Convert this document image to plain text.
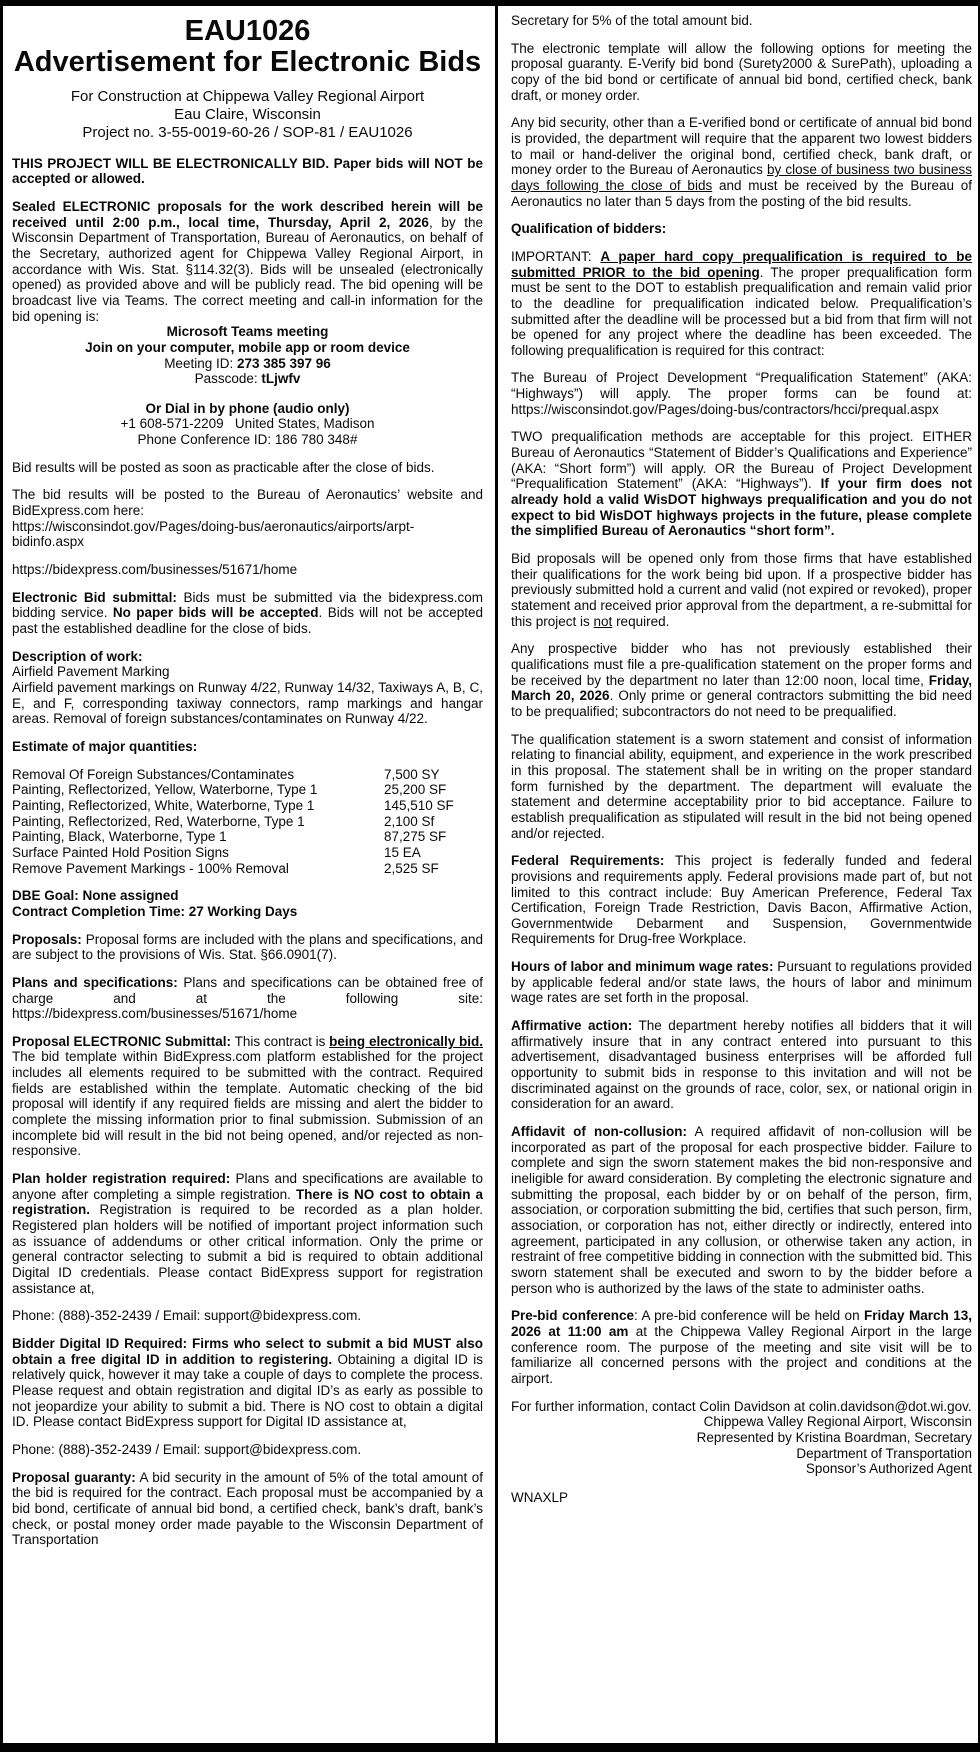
EAU1026
Advertisement for Electronic Bids

For Construction at Chippewa Valley Regional Airport

Eau Claire, Wisconsin

Project no. 3-55-0019-60-26 / SOP-81 / EAU1026

THIS PROJECT WILL BE ELECTRONICALLY BID. Paper bids will NOT be accepted or allowed.

Sealed ELECTRONIC proposals for the work described herein will be received until 2:00 p.m., local time, Thursday, April 2, 2026, by the Wisconsin Department of Transportation, Bureau of Aeronautics, on behalf of the Secretary, authorized agent for Chippewa Valley Regional Airport, in accordance with Wis. Stat. §114.32(3). Bids will be unsealed (electronically opened) as provided above and will be publicly read. The bid opening will be broadcast live via Teams. The correct meeting and call-in information for the bid opening is:

Microsoft Teams meeting
Join on your computer, mobile app or room device
Meeting ID: 273 385 397 96
Passcode: tLjwfv
Or Dial in by phone (audio only)
+1 608-571-2209   United States, Madison
Phone Conference ID: 186 780 348#

Bid results will be posted as soon as practicable after the close of bids.

The bid results will be posted to the Bureau of Aeronautics’ website and BidExpress.com here:

https://wisconsindot.gov/Pages/doing-bus/aeronautics/airports/arpt-bidinfo.aspx

https://bidexpress.com/businesses/51671/home

Electronic Bid submittal: Bids must be submitted via the bidexpress.com bidding service. No paper bids will be accepted. Bids will not be accepted past the established deadline for the close of bids.

Description of work:

Airfield Pavement Marking

Airfield pavement markings on Runway 4/22, Runway 14/32, Taxiways A, B, C, E, and F, corresponding taxiway connectors, ramp markings and hangar areas. Removal of foreign substances/contaminates on Runway 4/22.

Estimate of major quantities:

Removal Of Foreign Substances/Contaminates	7,500 SY
Painting, Reflectorized, Yellow, Waterborne, Type 1	25,200 SF
Painting, Reflectorized, White, Waterborne, Type 1	145,510 SF
Painting, Reflectorized, Red, Waterborne, Type 1	2,100 Sf
Painting, Black, Waterborne, Type 1	87,275 SF
Surface Painted Hold Position Signs	15 EA
Remove Pavement Markings - 100% Removal	2,525 SF

DBE Goal: None assigned

Contract Completion Time: 27 Working Days

Proposals: Proposal forms are included with the plans and specifications, and are subject to the provisions of Wis. Stat. §66.0901(7).

Plans and specifications: Plans and specifications can be obtained free of charge and at the following site: https://bidexpress.com/businesses/51671/home

Proposal ELECTRONIC Submittal: This contract is being electronically bid. The bid template within BidExpress.com platform established for the project includes all elements required to be submitted with the contract. Required fields are established within the template. Automatic checking of the bid proposal will identify if any required fields are missing and alert the bidder to complete the missing information prior to final submission. Submission of an incomplete bid will result in the bid not being opened, and/or rejected as non-responsive.

Plan holder registration required: Plans and specifications are available to anyone after completing a simple registration. There is NO cost to obtain a registration. Registration is required to be recorded as a plan holder. Registered plan holders will be notified of important project information such as issuance of addendums or other critical information. Only the prime or general contractor selecting to submit a bid is required to obtain additional Digital ID credentials. Please contact BidExpress support for registration assistance at,

Phone: (888)-352-2439 / Email: support@bidexpress.com.

Bidder Digital ID Required: Firms who select to submit a bid MUST also obtain a free digital ID in addition to registering. Obtaining a digital ID is relatively quick, however it may take a couple of days to complete the process. Please request and obtain registration and digital ID’s as early as possible to not jeopardize your ability to submit a bid. There is NO cost to obtain a digital ID. Please contact BidExpress support for Digital ID assistance at,

Phone: (888)-352-2439 / Email: support@bidexpress.com.

Proposal guaranty: A bid security in the amount of 5% of the total amount of the bid is required for the contract. Each proposal must be accompanied by a bid bond, certificate of annual bid bond, a certified check, bank’s draft, bank’s check, or postal money order made payable to the Wisconsin Department of Transportation

Secretary for 5% of the total amount bid.

The electronic template will allow the following options for meeting the proposal guaranty. E-Verify bid bond (Surety2000 & SurePath), uploading a copy of the bid bond or certificate of annual bid bond, certified check, bank draft, or money order.

Any bid security, other than a E-verified bond or certificate of annual bid bond is provided, the department will require that the apparent two lowest bidders to mail or hand-deliver the original bond, certified check, bank draft, or money order to the Bureau of Aeronautics by close of business two business days following the close of bids and must be received by the Bureau of Aeronautics no later than 5 days from the posting of the bid results.

Qualification of bidders:

IMPORTANT: A paper hard copy prequalification is required to be submitted PRIOR to the bid opening. The proper prequalification form must be sent to the DOT to establish prequalification and remain valid prior to the deadline for prequalification indicated below. Prequalification’s submitted after the deadline will be processed but a bid from that firm will not be opened for any project where the deadline has been exceeded. The following prequalification is required for this contract:

The Bureau of Project Development “Prequalification Statement” (AKA: “Highways”) will apply. The proper forms can be found at: https://wisconsindot.gov/Pages/doing-bus/contractors/hcci/prequal.aspx

TWO prequalification methods are acceptable for this project. EITHER Bureau of Aeronautics “Statement of Bidder’s Qualifications and Experience” (AKA: “Short form”) will apply. OR the Bureau of Project Development “Prequalification Statement” (AKA: “Highways”). If your firm does not already hold a valid WisDOT highways prequalification and you do not expect to bid WisDOT highways projects in the future, please complete the simplified Bureau of Aeronautics “short form”.

Bid proposals will be opened only from those firms that have established their qualifications for the work being bid upon. If a prospective bidder has previously submitted hold a current and valid (not expired or revoked), proper statement and received prior approval from the department, a re-submittal for this project is not required.

Any prospective bidder who has not previously established their qualifications must file a pre-qualification statement on the proper forms and be received by the department no later than 12:00 noon, local time, Friday, March 20, 2026. Only prime or general contractors submitting the bid need to be prequalified; subcontractors do not need to be prequalified.

The qualification statement is a sworn statement and consist of information relating to financial ability, equipment, and experience in the work prescribed in this proposal. The statement shall be in writing on the proper standard form furnished by the department. The department will evaluate the statement and determine acceptability prior to bid acceptance. Failure to establish prequalification as stipulated will result in the bid not being opened and/or rejected.

Federal Requirements: This project is federally funded and federal provisions and requirements apply. Federal provisions made part of, but not limited to this contract include: Buy American Preference, Federal Tax Certification, Foreign Trade Restriction, Davis Bacon, Affirmative Action, Governmentwide Debarment and Suspension, Governmentwide Requirements for Drug-free Workplace.

Hours of labor and minimum wage rates: Pursuant to regulations provided by applicable federal and/or state laws, the hours of labor and minimum wage rates are set forth in the proposal.

Affirmative action: The department hereby notifies all bidders that it will affirmatively insure that in any contract entered into pursuant to this advertisement, disadvantaged business enterprises will be afforded full opportunity to submit bids in response to this invitation and will not be discriminated against on the grounds of race, color, sex, or national origin in consideration for an award.

Affidavit of non-collusion: A required affidavit of non-collusion will be incorporated as part of the proposal for each prospective bidder. Failure to complete and sign the sworn statement makes the bid non-responsive and ineligible for award consideration. By completing the electronic signature and submitting the proposal, each bidder by or on behalf of the person, firm, association, or corporation submitting the bid, certifies that such person, firm, association, or corporation has not, either directly or indirectly, entered into agreement, participated in any collusion, or otherwise taken any action, in restraint of free competitive bidding in connection with the submitted bid. This sworn statement shall be executed and sworn to by the bidder before a person who is authorized by the laws of the state to administer oaths.

Pre-bid conference: A pre-bid conference will be held on Friday March 13, 2026 at 11:00 am at the Chippewa Valley Regional Airport in the large conference room. The purpose of the meeting and site visit will be to familiarize all concerned persons with the project and conditions at the airport.

For further information, contact Colin Davidson at colin.davidson@dot.wi.gov.

Chippewa Valley Regional Airport, Wisconsin
Represented by Kristina Boardman, Secretary
Department of Transportation
Sponsor’s Authorized Agent
WNAXLP
